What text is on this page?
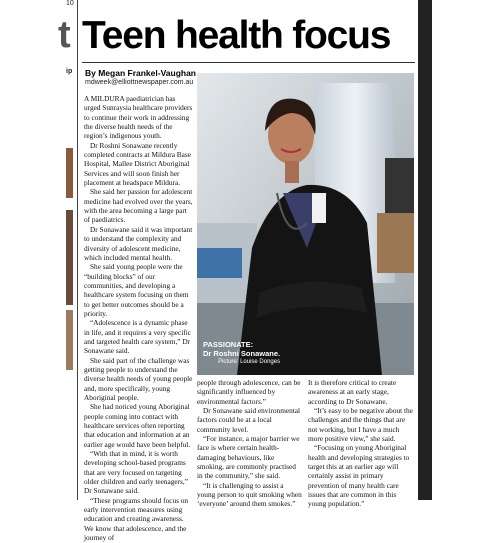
t
ip
10
Teen health focus
By Megan Frankel-Vaughan
mdweek@elliottnewspaper.com.au

A MILDURA paediatrician has urged Sunraysia healthcare providers to continue their work in addressing the diverse health needs of the region’s indigenous youth.

Dr Roshni Sonawane recently completed contracts at Mildura Base Hospital, Mallee District Aboriginal Services and will soon finish her placement at headspace Mildura.

She said her passion for adolescent medicine had evolved over the years, with the area becoming a large part of paediatrics.

Dr Sonawane said it was important to understand the complexity and diversity of adolescent medicine, which included mental health.

She said young people were the “building blocks” of our communities, and developing a healthcare system focusing on them to get better outcomes should be a priority.

“Adolescence is a dynamic phase in life, and it requires a very specific and targeted health care system,” Dr Sonawane said.

She said part of the challenge was getting people to understand the diverse health needs of young people and, more specifically, young Aboriginal people.

She had noticed young Aboriginal people coming into contact with healthcare services often reporting that education and information at an earlier age would have been helpful.

“With that in mind, it is worth developing school-based programs that are very focused on targeting older children and early teenagers,” Dr Sonawane said.

“These programs should focus on early intervention measures using education and creating awareness. We know that adolescence, and the journey of

PASSIONATE:
Dr Roshni Sonawane.
Picture: Louise Donges

people through adolescence, can be significantly influenced by environmental factors.”

Dr Sonawane said environmental factors could be at a local community level.

“For instance, a major barrier we face is where certain health-damaging behaviours, like smoking, are commonly practised in the community,” she said.

“It is challenging to assist a young person to quit smoking when ‘everyone’ around them smokes.”

It is therefore critical to create awareness at an early stage, according to Dr Sonawane.

“It’s easy to be negative about the challenges and the things that are not working, but I have a much more positive view,” she said.

“Focusing on young Aboriginal health and developing strategies to target this at an earlier age will certainly assist in primary prevention of many health care issues that are common in this young population.”
